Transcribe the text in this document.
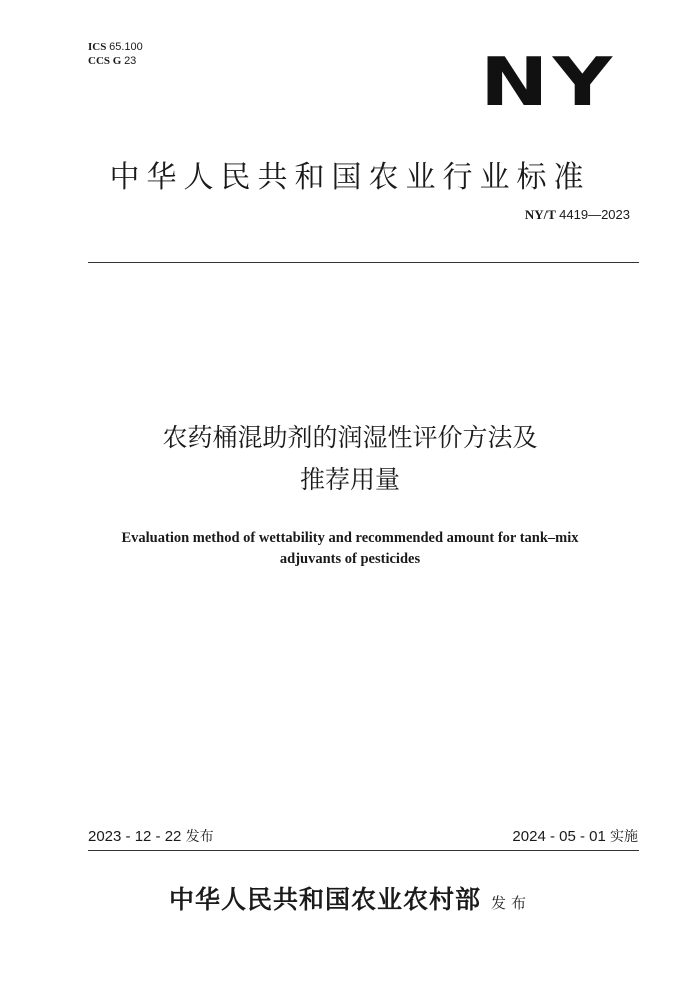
ICS 65.100
CCS G 23	NY
中华人民共和国农业行业标准
NY/T 4419—2023
农药桶混助剂的润湿性评价方法及
推荐用量
Evaluation method of wettability and recommended amount for tank–mix
adjuvants of pesticides
2023 - 12 - 22 发布	2024 - 05 - 01 实施
中华人民共和国农业农村部 发布
